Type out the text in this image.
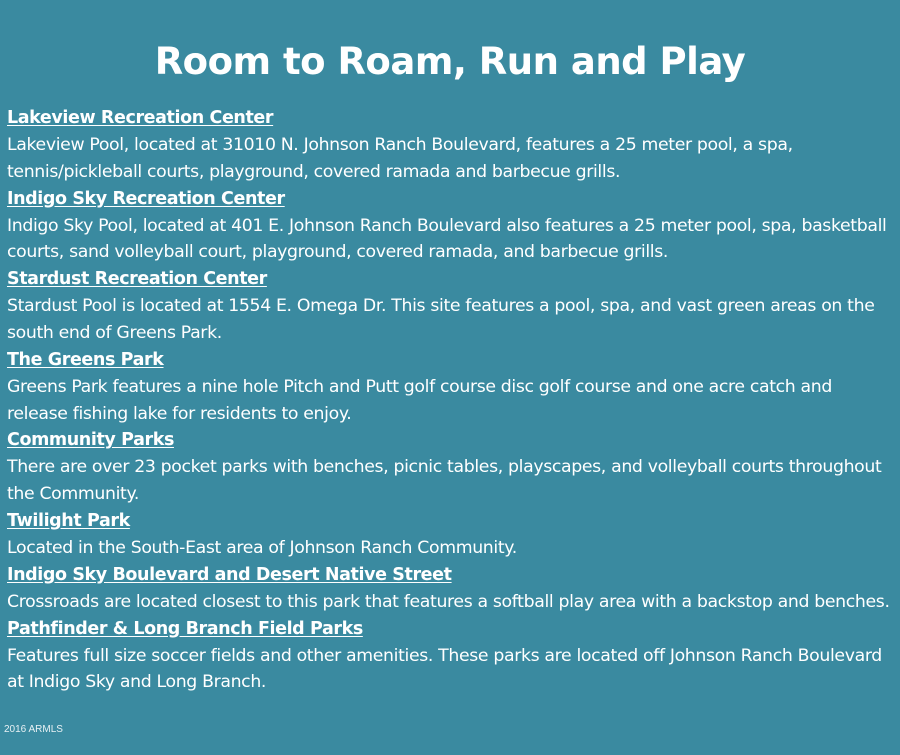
Room to Roam, Run and Play
Lakeview Recreation Center
Lakeview Pool, located at 31010 N. Johnson Ranch Boulevard, features a 25 meter pool, a spa, tennis/pickleball courts, playground, covered ramada and barbecue grills.
Indigo Sky Recreation Center
Indigo Sky Pool, located at 401 E. Johnson Ranch Boulevard also features a 25 meter pool, spa, basketball courts, sand volleyball court, playground, covered ramada, and barbecue grills.
Stardust Recreation Center
Stardust Pool is located at 1554 E. Omega Dr. This site features a pool, spa, and vast green areas on the south end of Greens Park.
The Greens Park
Greens Park features a nine hole Pitch and Putt golf course disc golf course and one acre catch and release fishing lake for residents to enjoy.
Community Parks
There are over 23 pocket parks with benches, picnic tables, playscapes, and volleyball courts throughout the Community.
Twilight Park
Located in the South-East area of Johnson Ranch Community.
Indigo Sky Boulevard and Desert Native Street
Crossroads are located closest to this park that features a softball play area with a backstop and benches.
Pathfinder & Long Branch Field Parks
Features full size soccer fields and other amenities. These parks are located off Johnson Ranch Boulevard at Indigo Sky and Long Branch.
2016 ARMLS
